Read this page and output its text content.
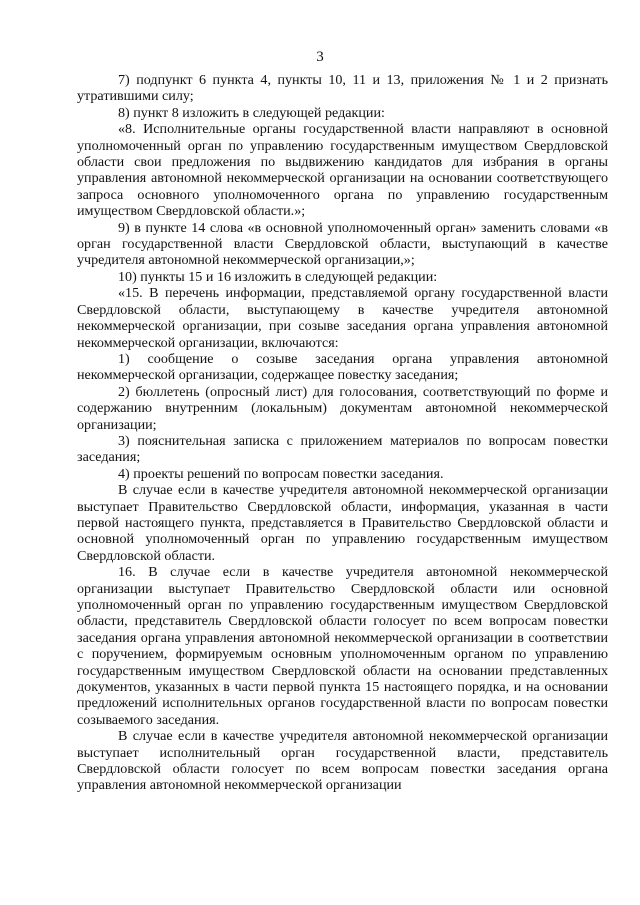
3

7) подпункт 6 пункта 4, пункты 10, 11 и 13, приложения № 1 и 2 признать утратившими силу;

8) пункт 8 изложить в следующей редакции:

«8. Исполнительные органы государственной власти направляют в основной уполномоченный орган по управлению государственным имуществом Свердловской области свои предложения по выдвижению кандидатов для избрания в органы управления автономной некоммерческой организации на основании соответствующего запроса основного уполномоченного органа по управлению государственным имуществом Свердловской области.»;

9) в пункте 14 слова «в основной уполномоченный орган» заменить словами «в орган государственной власти Свердловской области, выступающий в качестве учредителя автономной некоммерческой организации,»;

10) пункты 15 и 16 изложить в следующей редакции:

«15. В перечень информации, представляемой органу государственной власти Свердловской области, выступающему в качестве учредителя автономной некоммерческой организации, при созыве заседания органа управления автономной некоммерческой организации, включаются:

1) сообщение о созыве заседания органа управления автономной некоммерческой организации, содержащее повестку заседания;

2) бюллетень (опросный лист) для голосования, соответствующий по форме и содержанию внутренним (локальным) документам автономной некоммерческой организации;

3) пояснительная записка с приложением материалов по вопросам повестки заседания;

4) проекты решений по вопросам повестки заседания.

В случае если в качестве учредителя автономной некоммерческой организации выступает Правительство Свердловской области, информация, указанная в части первой настоящего пункта, представляется в Правительство Свердловской области и основной уполномоченный орган по управлению государственным имуществом Свердловской области.

16. В случае если в качестве учредителя автономной некоммерческой организации выступает Правительство Свердловской области или основной уполномоченный орган по управлению государственным имуществом Свердловской области, представитель Свердловской области голосует по всем вопросам повестки заседания органа управления автономной некоммерческой организации в соответствии с поручением, формируемым основным уполномоченным органом по управлению государственным имуществом Свердловской области на основании представленных документов, указанных в части первой пункта 15 настоящего порядка, и на основании предложений исполнительных органов государственной власти по вопросам повестки созываемого заседания.

В случае если в качестве учредителя автономной некоммерческой организации выступает исполнительный орган государственной власти, представитель Свердловской области голосует по всем вопросам повестки заседания органа управления автономной некоммерческой организации
